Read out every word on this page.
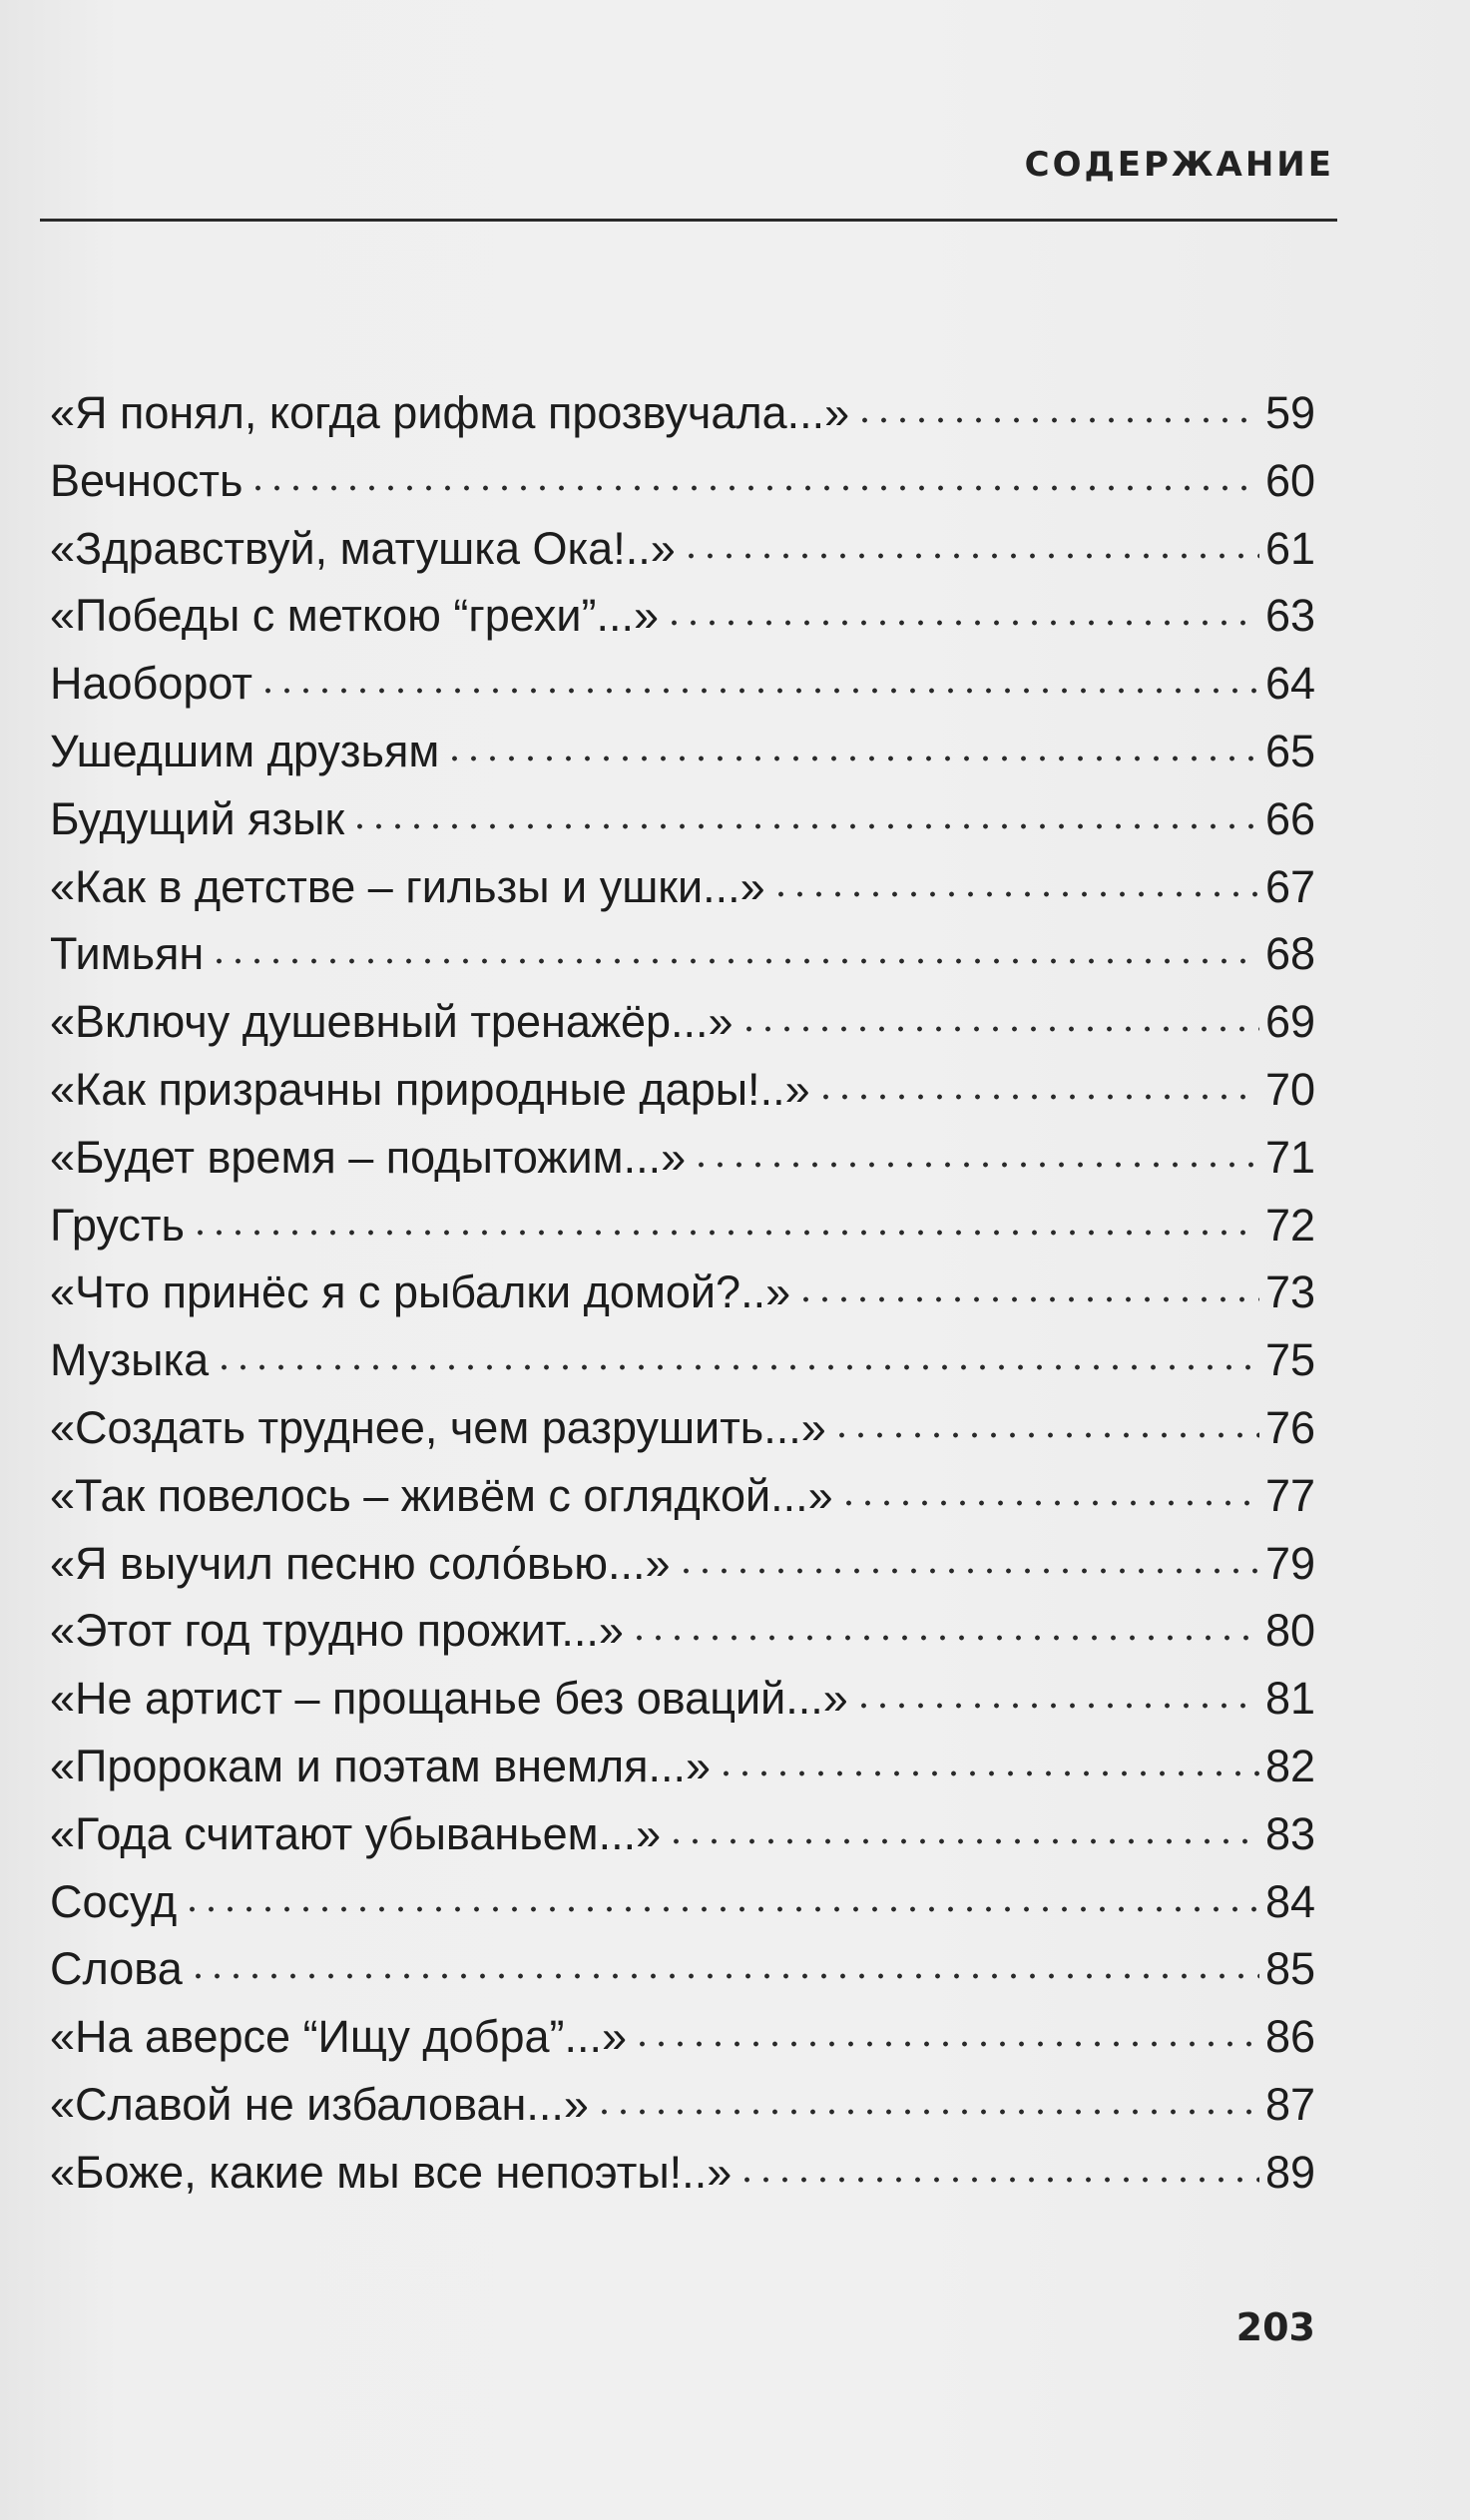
СОДЕРЖАНИЕ
«Я понял, когда рифма прозвучала...»	59
Вечность	60
«Здравствуй, матушка Ока!..»	61
«Победы с меткою “грехи”...»	63
Наоборот	64
Ушедшим друзьям	65
Будущий язык	66
«Как в детстве – гильзы и ушки...»	67
Тимьян	68
«Включу душевный тренажёр...»	69
«Как призрачны природные дары!..»	70
«Будет время – подытожим...»	71
Грусть	72
«Что принёс я с рыбалки домой?..»	73
Музыка	75
«Создать труднее, чем разрушить...»	76
«Так повелось – живём с оглядкой...»	77
«Я выучил песню соло́вью...»	79
«Этот год трудно прожит...»	80
«Не артист – прощанье без оваций...»	81
«Пророкам и поэтам внемля...»	82
«Года считают убываньем...»	83
Сосуд	84
Слова	85
«На аверсе “Ищу добра”...»	86
«Славой не избалован...»	87
«Боже, какие мы все непоэты!..»	89
203
